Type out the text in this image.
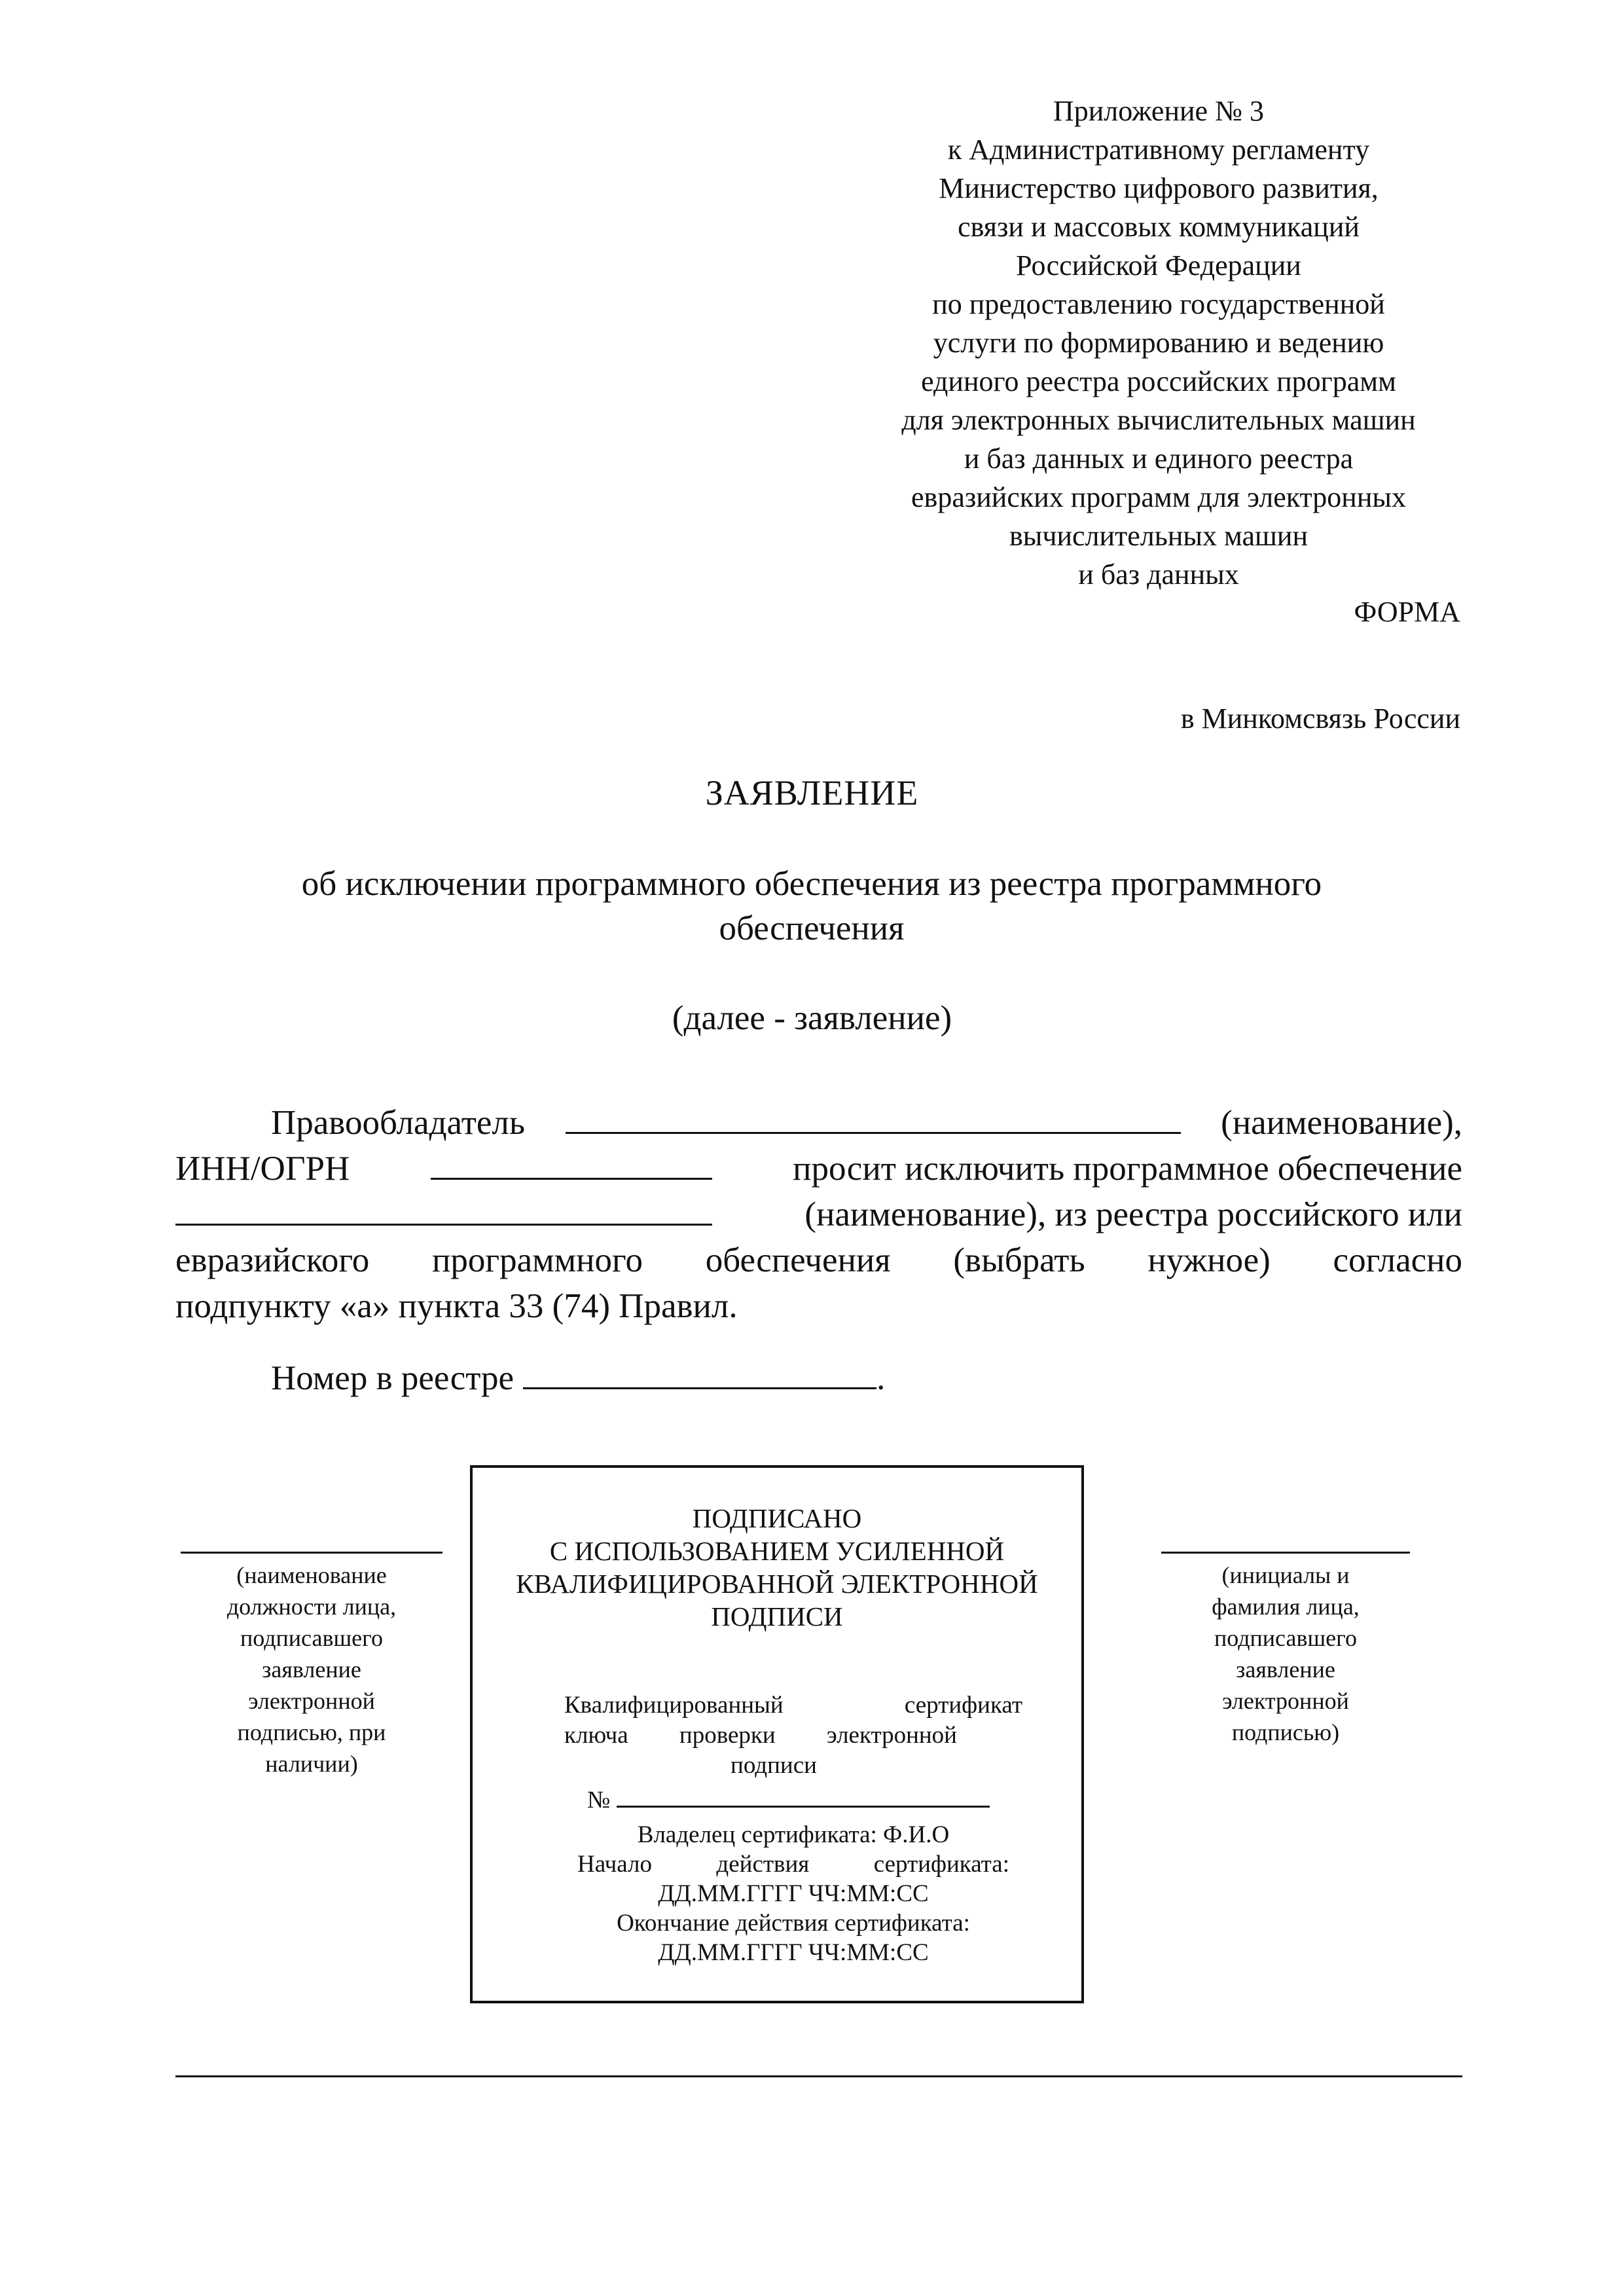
Приложение № 3
к Административному регламенту
Министерство цифрового развития,
связи и массовых коммуникаций
Российской Федерации
по предоставлению государственной
услуги по формированию и ведению
единого реестра российских программ
для электронных вычислительных машин
и баз данных и единого реестра
евразийских программ для электронных
вычислительных машин
и баз данных
ФОРМА
в Минкомсвязь России
ЗАЯВЛЕНИЕ
об исключении программного обеспечения из реестра программного
обеспечения
(далее - заявление)
Правообладатель	(наименование),
ИНН/ОГРН	просит исключить программное обеспечение
(наименование), из реестра российского или
евразийского программного обеспечения (выбрать нужное) согласно
подпункту «а» пункта 33 (74) Правил.
Номер в реестре	.
(наименование
должности лица,
подписавшего
заявление
электронной
подписью, при
наличии)
ПОДПИСАНО
С ИСПОЛЬЗОВАНИЕМ УСИЛЕННОЙ
КВАЛИФИЦИРОВАННОЙ ЭЛЕКТРОННОЙ
ПОДПИСИ
Квалифицированный	сертификат
ключа проверки электронной
подписи
№
Владелец сертификата: Ф.И.О
Начало	действия	сертификата:
ДД.ММ.ГГГГ ЧЧ:ММ:СС
Окончание действия сертификата:
ДД.ММ.ГГГГ ЧЧ:ММ:СС
(инициалы и
фамилия лица,
подписавшего
заявление
электронной
подписью)
